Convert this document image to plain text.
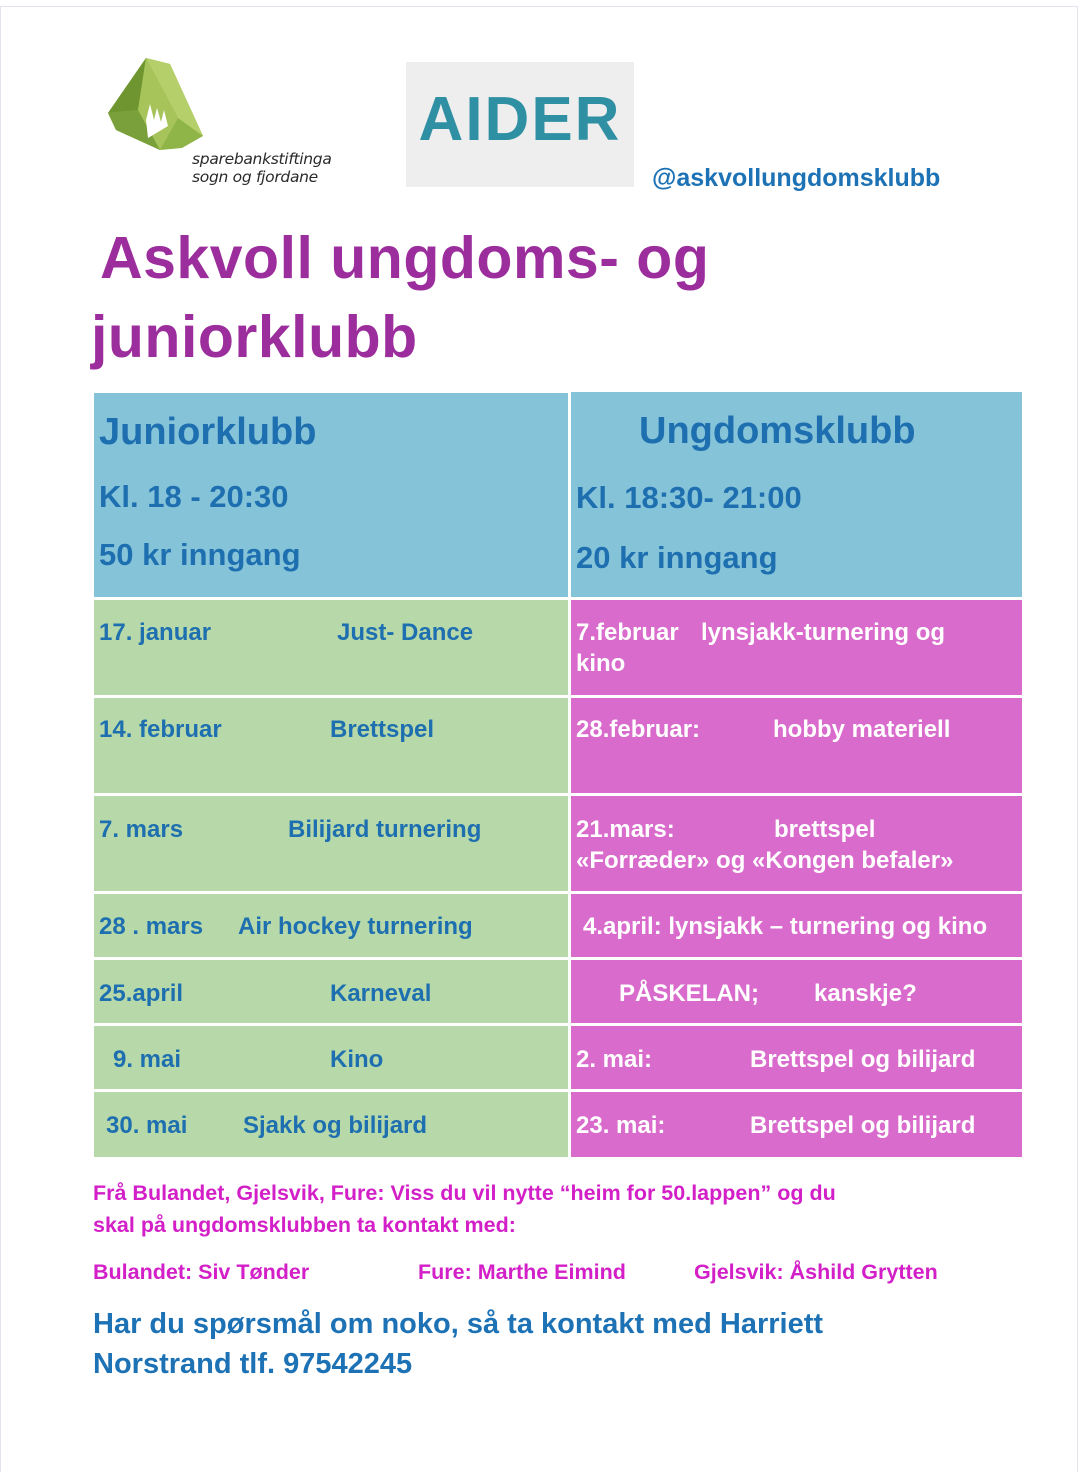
sparebankstiftinga
sogn og fjordane
AIDER
@askvollungdomsklubb
Askvoll ungdoms- og
juniorklubb
Juniorklubb
Kl. 18 - 20:30
50 kr inngang
Ungdomsklubb
Kl. 18:30- 21:00
20 kr inngang
17. januar	Just- Dance	7.februar lynsjakk-turnering og
kino
14. februar	Brettspel	28.februar:	hobby materiell
7. mars	Bilijard turnering	21.mars:	brettspel
«Forræder» og «Kongen befaler»
28 . mars Air hockey turnering	4.april: lynsjakk – turnering og kino
25.april	Karneval	PÅSKELAN; kanskje?
9. mai	Kino	2. mai:	Brettspel og bilijard
30. mai Sjakk og bilijard	23. mai:	Brettspel og bilijard
Frå Bulandet, Gjelsvik, Fure: Viss du vil nytte “heim for 50.lappen” og du
skal på ungdomsklubben ta kontakt med:
Bulandet: Siv Tønder	Fure: Marthe Eimind	Gjelsvik: Åshild Grytten
Har du spørsmål om noko, så ta kontakt med Harriett
Norstrand tlf. 97542245
